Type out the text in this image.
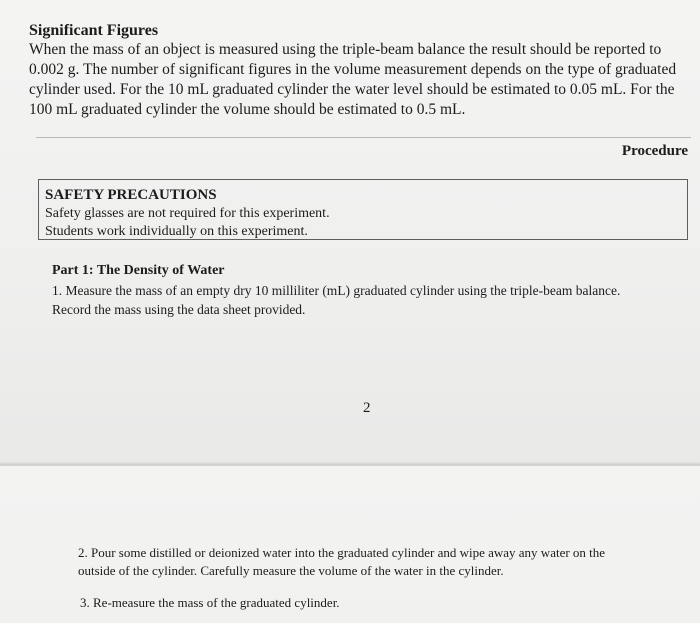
Significant Figures

When the mass of an object is measured using the triple-beam balance the result should be reported to

0.002 g. The number of significant figures in the volume measurement depends on the type of graduated

cylinder used. For the 10 mL graduated cylinder the water level should be estimated to 0.05 mL. For the

100 mL graduated cylinder the volume should be estimated to 0.5 mL.

Procedure
SAFETY PRECAUTIONS
Safety glasses are not required for this experiment.
Students work individually on this experiment.
Part 1: The Density of Water

1. Measure the mass of an empty dry 10 milliliter (mL) graduated cylinder using the triple-beam balance.

Record the mass using the data sheet provided.

2

2. Pour some distilled or deionized water into the graduated cylinder and wipe away any water on the

outside of the cylinder. Carefully measure the volume of the water in the cylinder.

3. Re-measure the mass of the graduated cylinder.
